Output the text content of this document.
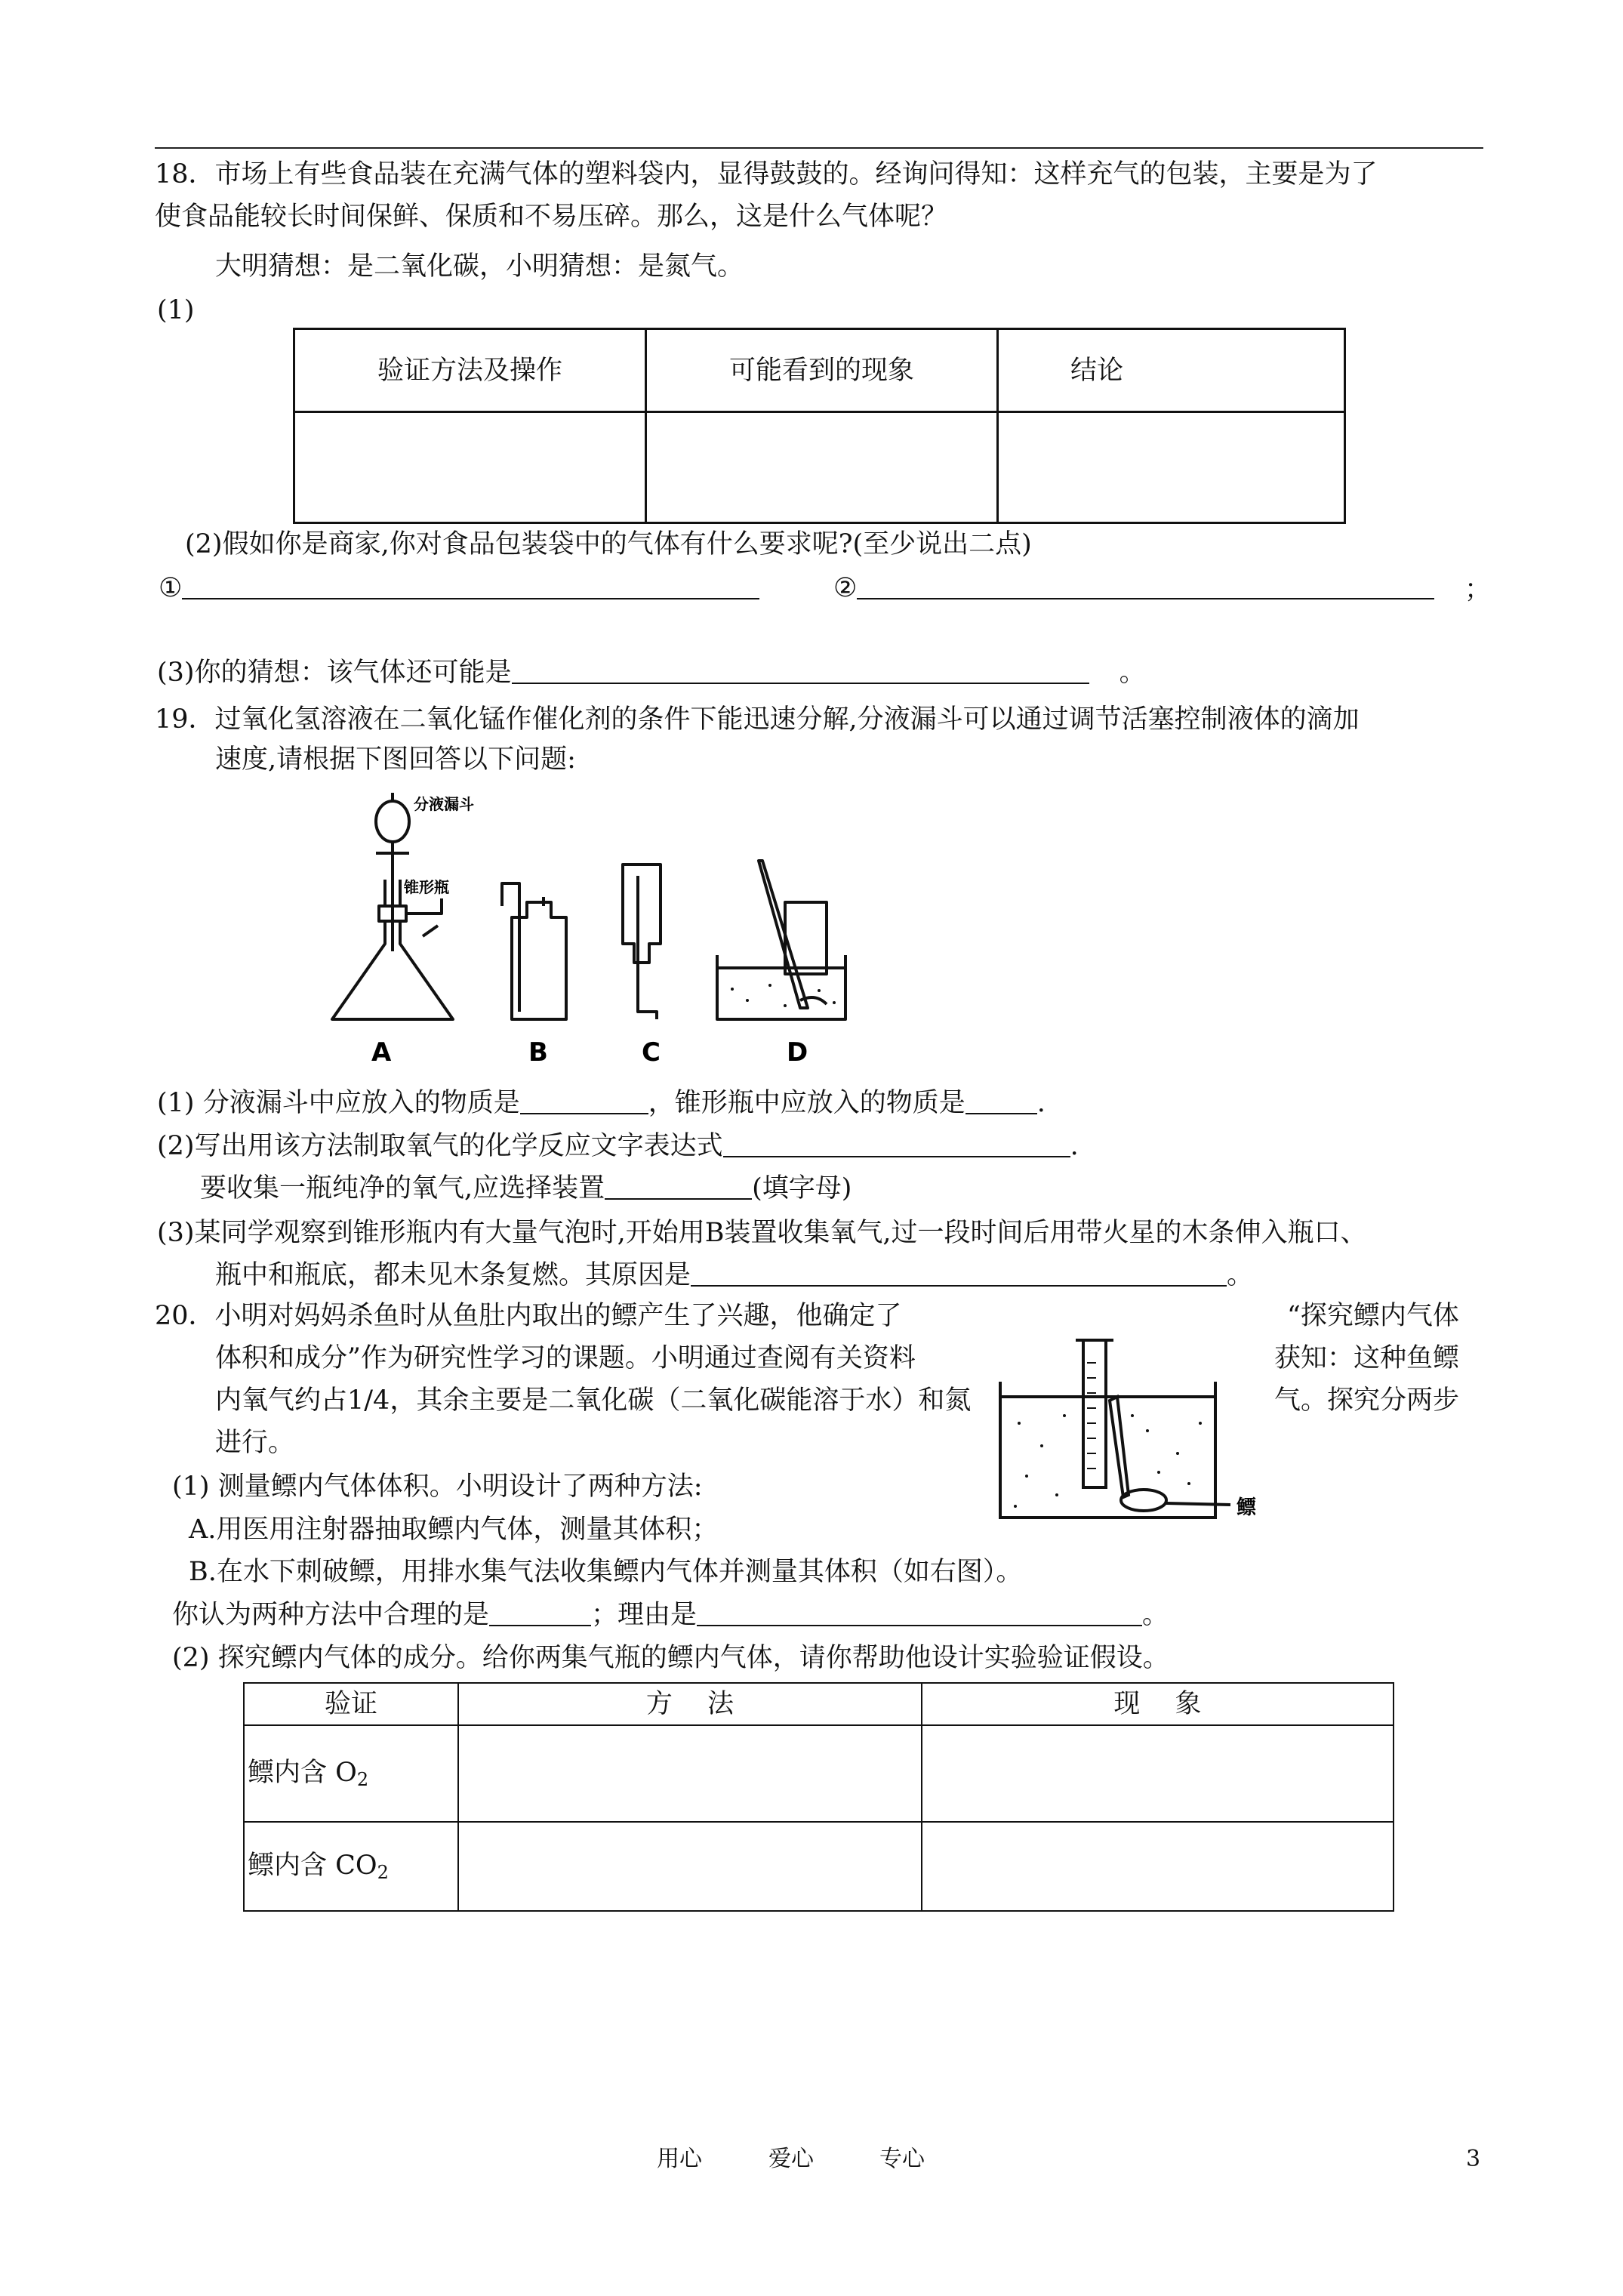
18．市场上有些食品装在充满气体的塑料袋内，显得鼓鼓的。经询问得知：这样充气的包装，主要是为了
使食品能较长时间保鲜、保质和不易压碎。那么，这是什么气体呢？
大明猜想：是二氧化碳，小明猜想：是氮气。
(1)
验证方法及操作	可能看到的现象	结论

(2)假如你是商家,你对食品包装袋中的气体有什么要求呢?(至少说出二点)
①	②	；
(3)你的猜想：该气体还可能是	。
19．过氧化氢溶液在二氧化锰作催化剂的条件下能迅速分解,分液漏斗可以通过调节活塞控制液体的滴加
速度,请根据下图回答以下问题:
分液漏斗
锥形瓶
A	B	C	D
(1) 分液漏斗中应放入的物质是	，锥形瓶中应放入的物质是	.
(2)写出用该方法制取氧气的化学反应文字表达式	.
要收集一瓶纯净的氧气,应选择装置	(填字母)
(3)某同学观察到锥形瓶内有大量气泡时,开始用B装置收集氧气,过一段时间后用带火星的木条伸入瓶口、
瓶中和瓶底，都未见木条复燃。其原因是	。
20．小明对妈妈杀鱼时从鱼肚内取出的鳔产生了兴趣，他确定了	“探究鳔内气体
体积和成分”作为研究性学习的课题。小明通过查阅有关资料	获知：这种鱼鳔
内氧气约占1/4，其余主要是二氧化碳（二氧化碳能溶于水）和氮	气。探究分两步
进行。
鳔
(1) 测量鳔内气体体积。小明设计了两种方法:
A.用医用注射器抽取鳔内气体，测量其体积；
B.在水下刺破鳔，用排水集气法收集鳔内气体并测量其体积（如右图）。
你认为两种方法中合理的是	；理由是	。
(2) 探究鳔内气体的成分。给你两集气瓶的鳔内气体，请你帮助他设计实验验证假设。
验证	方　 法	现　 象
鳔内含 $O_2$		
鳔内含 $CO_2$		
用心	爱心	专心	3
